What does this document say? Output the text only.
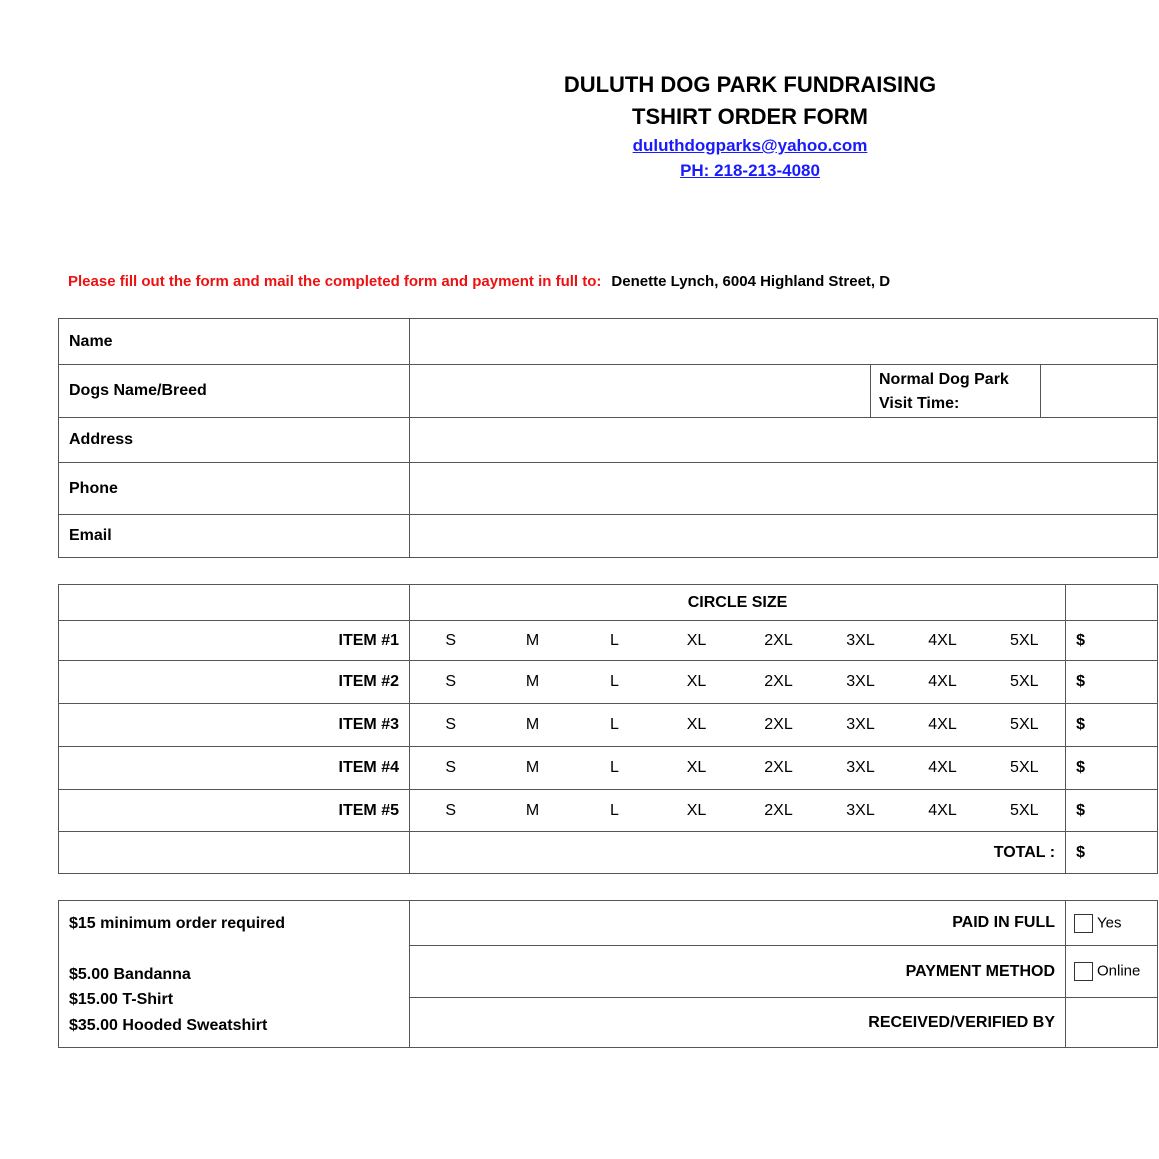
DULUTH DOG PARK FUNDRAISING
TSHIRT ORDER FORM
duluthdogparks@yahoo.com
PH: 218-213-4080
Please fill out the form and mail the completed form and payment in full to: Denette Lynch, 6004 Highland Street, D
Name			
Dogs Name/Breed		Normal Dog Park
Visit Time:	
Address			
Phone			
Email			
	CIRCLE SIZE								
ITEM #1	S	M	L	XL	2XL	3XL	4XL	5XL	$
ITEM #2	S	M	L	XL	2XL	3XL	4XL	5XL	$
ITEM #3	S	M	L	XL	2XL	3XL	4XL	5XL	$
ITEM #4	S	M	L	XL	2XL	3XL	4XL	5XL	$
ITEM #5	S	M	L	XL	2XL	3XL	4XL	5XL	$
	TOTAL :								$
$15 minimum order required
$5.00 Bandanna
$15.00 T-Shirt
$35.00 Hooded Sweatshirt	PAID IN FULL	Yes
	PAYMENT METHOD	Online
	RECEIVED/VERIFIED BY	
